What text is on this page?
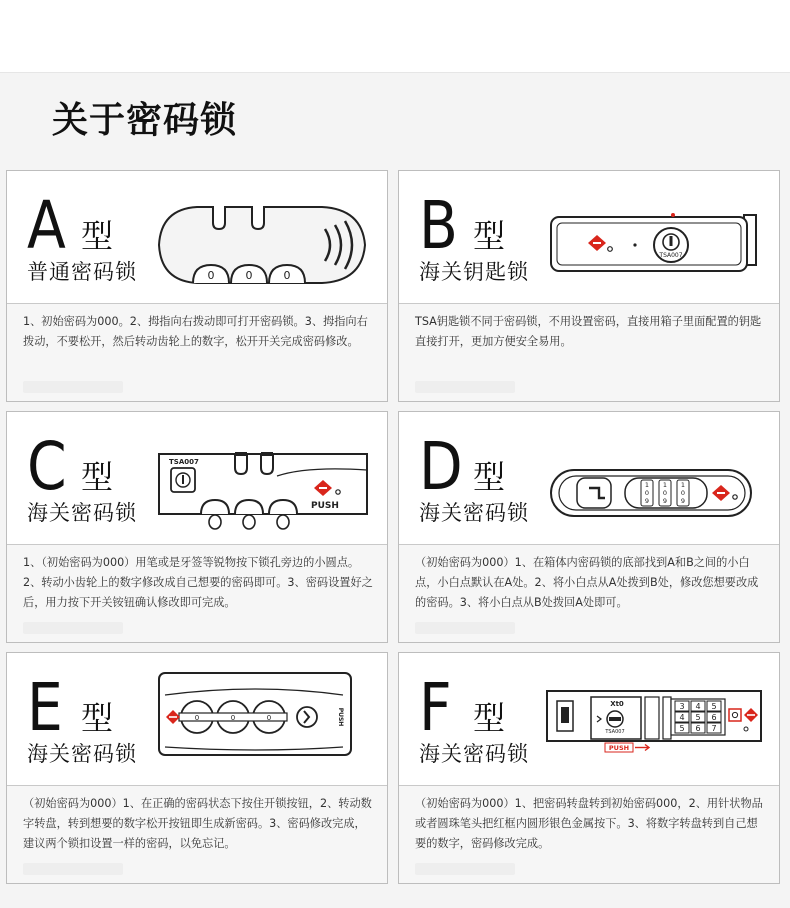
关于密码锁
A 型
普通密码锁	0	0	0
1、初始密码为000。2、拇指向右拨动即可打开密码锁。3、拇指向右拨动，不要松开，然后转动齿轮上的数字，松开开关完成密码修改。
B 型
海关钥匙锁
TSA007
TSA钥匙锁不同于密码锁，不用设置密码，直接用箱子里面配置的钥匙直接打开，更加方便安全易用。
C 型
海关密码锁
TSA007
PUSH
1、（初始密码为000）用笔或是牙签等锐物按下锁孔旁边的小圆点。2、转动小齿轮上的数字修改成自己想要的密码即可。3、密码设置好之后，用力按下开关铵钮确认修改即可完成。
D 型
海关密码锁
1
0
9
1
0
9
1
0
9
（初始密码为000）1、在箱体内密码锁的底部找到A和B之间的小白点，小白点默认在A处。2、将小白点从A处拨到B处，修改您想要改成的密码。3、将小白点从B处拨回A处即可。
E 型
海关密码锁
0	0	0	PUSH
（初始密码为000）1、在正确的密码状态下按住开锁按钮，2、转动数字转盘，转到想要的数字松开按钮即生成新密码。3、密码修改完成，建议两个锁扣设置一样的密码，以免忘记。
F 型
海关密码锁
Xt0
TSA007
3 4 5
4 5 6
5 6 7
PUSH
（初始密码为000）1、把密码转盘转到初始密码000，2、用针状物品或者圆珠笔头把红框内圆形银色金属按下。3、将数字转盘转到自己想要的数字，密码修改完成。
